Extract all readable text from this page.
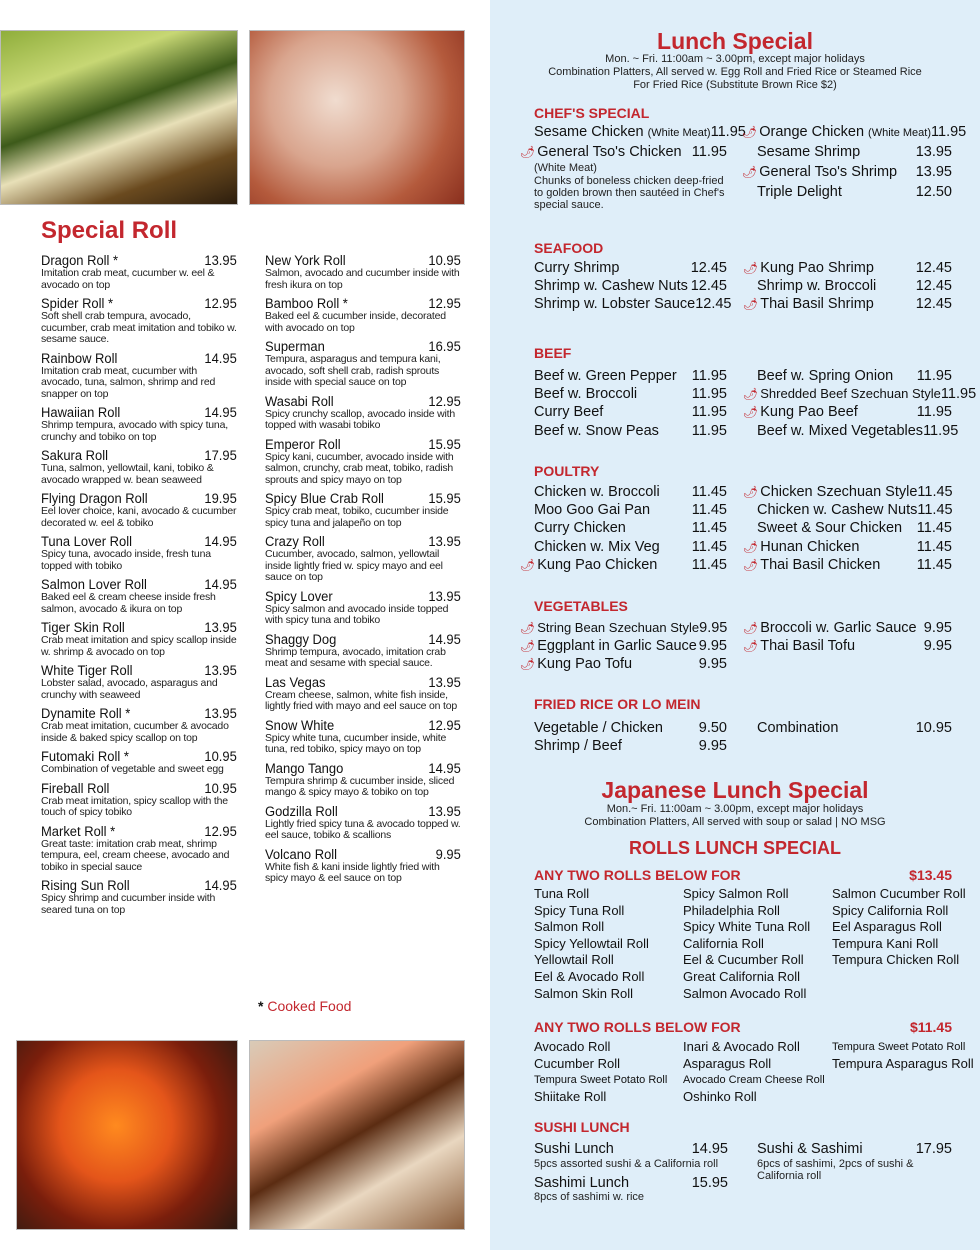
Special Roll
Dragon Roll *	13.95
Imitation crab meat, cucumber w. eel & avocado on top
Spider Roll *	12.95
Soft shell crab tempura, avocado, cucumber, crab meat imitation and tobiko w. sesame sauce.
Rainbow Roll	14.95
Imitation crab meat, cucumber with avocado, tuna, salmon, shrimp and red snapper on top
Hawaiian Roll	14.95
Shrimp tempura, avocado with spicy tuna, crunchy and tobiko on top
Sakura Roll	17.95
Tuna, salmon, yellowtail, kani, tobiko & avocado wrapped w. bean seaweed
Flying Dragon Roll	19.95
Eel lover choice, kani, avocado & cucumber decorated w. eel & tobiko
Tuna Lover Roll	14.95
Spicy tuna, avocado inside, fresh tuna topped with tobiko
Salmon Lover Roll	14.95
Baked eel & cream cheese inside fresh salmon, avocado & ikura on top
Tiger Skin Roll	13.95
Crab meat imitation and spicy scallop inside w. shrimp & avocado on top
White Tiger Roll	13.95
Lobster salad, avocado, asparagus and crunchy with seaweed
Dynamite Roll *	13.95
Crab meat imitation, cucumber & avocado inside & baked spicy scallop on top
Futomaki Roll *	10.95
Combination of vegetable and sweet egg
Fireball Roll	10.95
Crab meat imitation, spicy scallop with the touch of spicy tobiko
Market Roll *	12.95
Great taste: imitation crab meat, shrimp tempura, eel, cream cheese, avocado and tobiko in special sauce
Rising Sun Roll	14.95
Spicy shrimp and cucumber inside with seared tuna on top
New York Roll	10.95
Salmon, avocado and cucumber inside with fresh ikura on top
Bamboo Roll *	12.95
Baked eel & cucumber inside, decorated with avocado on top
Superman	16.95
Tempura, asparagus and tempura kani, avocado, soft shell crab, radish sprouts inside with special sauce on top
Wasabi Roll	12.95
Spicy crunchy scallop, avocado inside with topped with wasabi tobiko
Emperor Roll	15.95
Spicy kani, cucumber, avocado inside with salmon, crunchy, crab meat, tobiko, radish sprouts and spicy mayo on top
Spicy Blue Crab Roll	15.95
Spicy crab meat, tobiko, cucumber inside spicy tuna and jalapeño on top
Crazy Roll	13.95
Cucumber, avocado, salmon, yellowtail inside lightly fried w. spicy mayo and eel sauce on top
Spicy Lover	13.95
Spicy salmon and avocado inside topped with spicy tuna and tobiko
Shaggy Dog	14.95
Shrimp tempura, avocado, imitation crab meat and sesame with special sauce.
Las Vegas	13.95
Cream cheese, salmon, white fish inside, lightly fried with mayo and eel sauce on top
Snow White	12.95
Spicy white tuna, cucumber inside, white tuna, red tobiko, spicy mayo on top
Mango Tango	14.95
Tempura shrimp & cucumber inside, sliced mango & spicy mayo & tobiko on top
Godzilla Roll	13.95
Lightly fried spicy tuna & avocado topped w. eel sauce, tobiko & scallions
Volcano Roll	9.95
White fish & kani inside lightly fried with spicy mayo & eel sauce on top
* Cooked Food
Lunch Special
Mon. ~ Fri. 11:00am ~ 3.00pm, except major holidays
Combination Platters, All served w. Egg Roll and Fried Rice or Steamed Rice
For Fried Rice (Substitute Brown Rice $2)
CHEF'S SPECIAL
Sesame Chicken (White Meat) 11.95
🌶 General Tso's Chicken 11.95
(White Meat)
Chunks of boneless chicken deep-fried to golden brown then sautéed in Chef's special sauce.
🌶 Orange Chicken (White Meat) 11.95
Sesame Shrimp	13.95
🌶 General Tso's Shrimp 13.95
Triple Delight	12.50
SEAFOOD
Curry Shrimp	12.45
Shrimp w. Cashew Nuts 12.45
Shrimp w. Lobster Sauce 12.45
🌶 Kung Pao Shrimp	12.45
Shrimp w. Broccoli	12.45
🌶 Thai Basil Shrimp	12.45
BEEF
Beef w. Green Pepper 11.95
Beef w. Broccoli	11.95
Curry Beef	11.95
Beef w. Snow Peas 11.95
Beef w. Spring Onion 11.95
🌶 Shredded Beef Szechuan Style 11.95
🌶 Kung Pao Beef	11.95
Beef w. Mixed Vegetables 11.95
POULTRY
Chicken w. Broccoli 11.45
Moo Goo Gai Pan	11.45
Curry Chicken	11.45
Chicken w. Mix Veg 11.45
🌶 Kung Pao Chicken 11.45
🌶 Chicken Szechuan Style 11.45
Chicken w. Cashew Nuts 11.45
Sweet & Sour Chicken 11.45
🌶 Hunan Chicken	11.45
🌶 Thai Basil Chicken	11.45
VEGETABLES
🌶 String Bean Szechuan Style 9.95
🌶 Eggplant in Garlic Sauce 9.95
🌶 Kung Pao Tofu	9.95
🌶 Broccoli w. Garlic Sauce 9.95
🌶 Thai Basil Tofu	9.95
FRIED RICE OR LO MEIN
Vegetable / Chicken 9.50
Shrimp / Beef	9.95
Combination	10.95
Japanese Lunch Special
Mon.~ Fri. 11:00am ~ 3.00pm, except major holidays
Combination Platters, All served with soup or salad | NO MSG
ROLLS LUNCH SPECIAL
ANY TWO ROLLS BELOW FOR	$13.45
Tuna Roll
Spicy Tuna Roll
Salmon Roll
Spicy Yellowtail Roll
Yellowtail Roll
Eel & Avocado Roll
Salmon Skin Roll
Spicy Salmon Roll
Philadelphia Roll
Spicy White Tuna Roll
California Roll
Eel & Cucumber Roll
Great California Roll
Salmon Avocado Roll
Salmon Cucumber Roll
Spicy California Roll
Eel Asparagus Roll
Tempura Kani Roll
Tempura Chicken Roll
ANY TWO ROLLS BELOW FOR	$11.45
Avocado Roll
Cucumber Roll
Tempura Sweet Potato Roll
Shiitake Roll
Inari & Avocado Roll
Asparagus Roll
Avocado Cream Cheese Roll
Oshinko Roll
Tempura Sweet Potato Roll
Tempura Asparagus Roll
SUSHI LUNCH
Sushi Lunch	14.95
5pcs assorted sushi & a California roll
Sashimi Lunch	15.95
8pcs of sashimi w. rice
Sushi & Sashimi	17.95
6pcs of sashimi, 2pcs of sushi & California roll
